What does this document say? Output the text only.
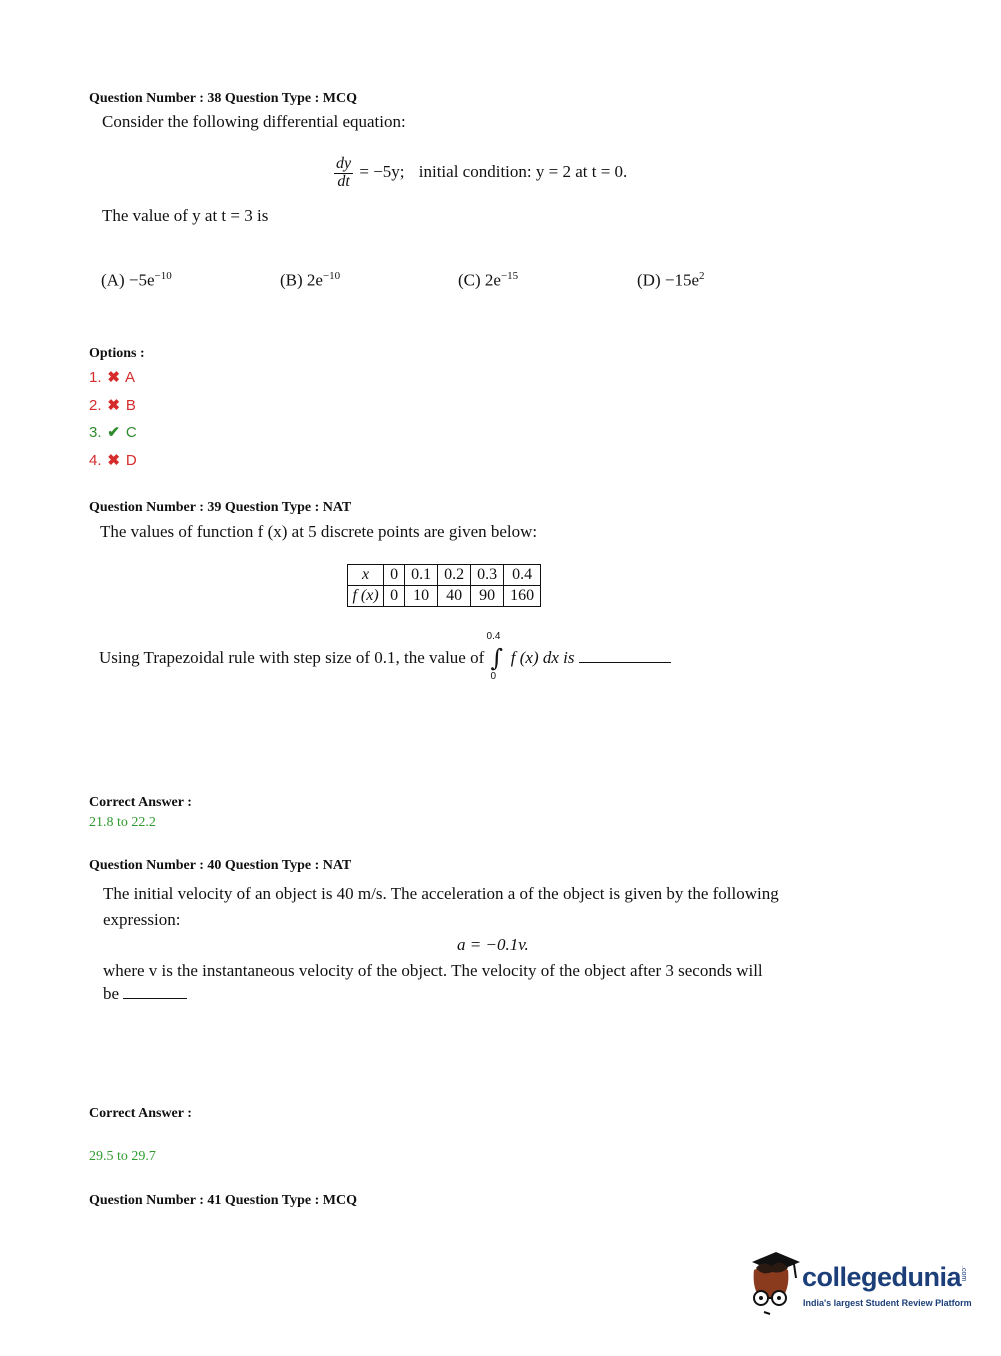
Question Number : 38 Question Type : MCQ
Consider the following differential equation:
$\frac{dy}{dt} = -5y$; initial condition: y = 2 at t = 0.
The value of y at t = 3 is
$(A) -5e^{-10}$	(B) $2e^{-10}$	(C) $2e^{-15}$	$(D) -15e^2$
Options :
1. ✖ A
2. ✖ B
3. ✔ C
4. ✖ D
Question Number : 39 Question Type : NAT
The values of function f (x) at 5 discrete points are given below:
x	0	0.1	0.2	0.3	0.4
f (x)	0	10	40	90	160
Using Trapezoidal rule with step size of 0.1, the value of ∫
0.4
0
f (x) dx is
Correct Answer :
21.8 to 22.2
Question Number : 40 Question Type : NAT
The initial velocity of an object is 40 m/s. The acceleration a of the object is given by the following
expression:
a = −0.1v.
where v is the instantaneous velocity of the object. The velocity of the object after 3 seconds will
be
Correct Answer :
29.5 to 29.7
Question Number : 41 Question Type : MCQ
collegedunia
.com
India's largest Student Review Platform
